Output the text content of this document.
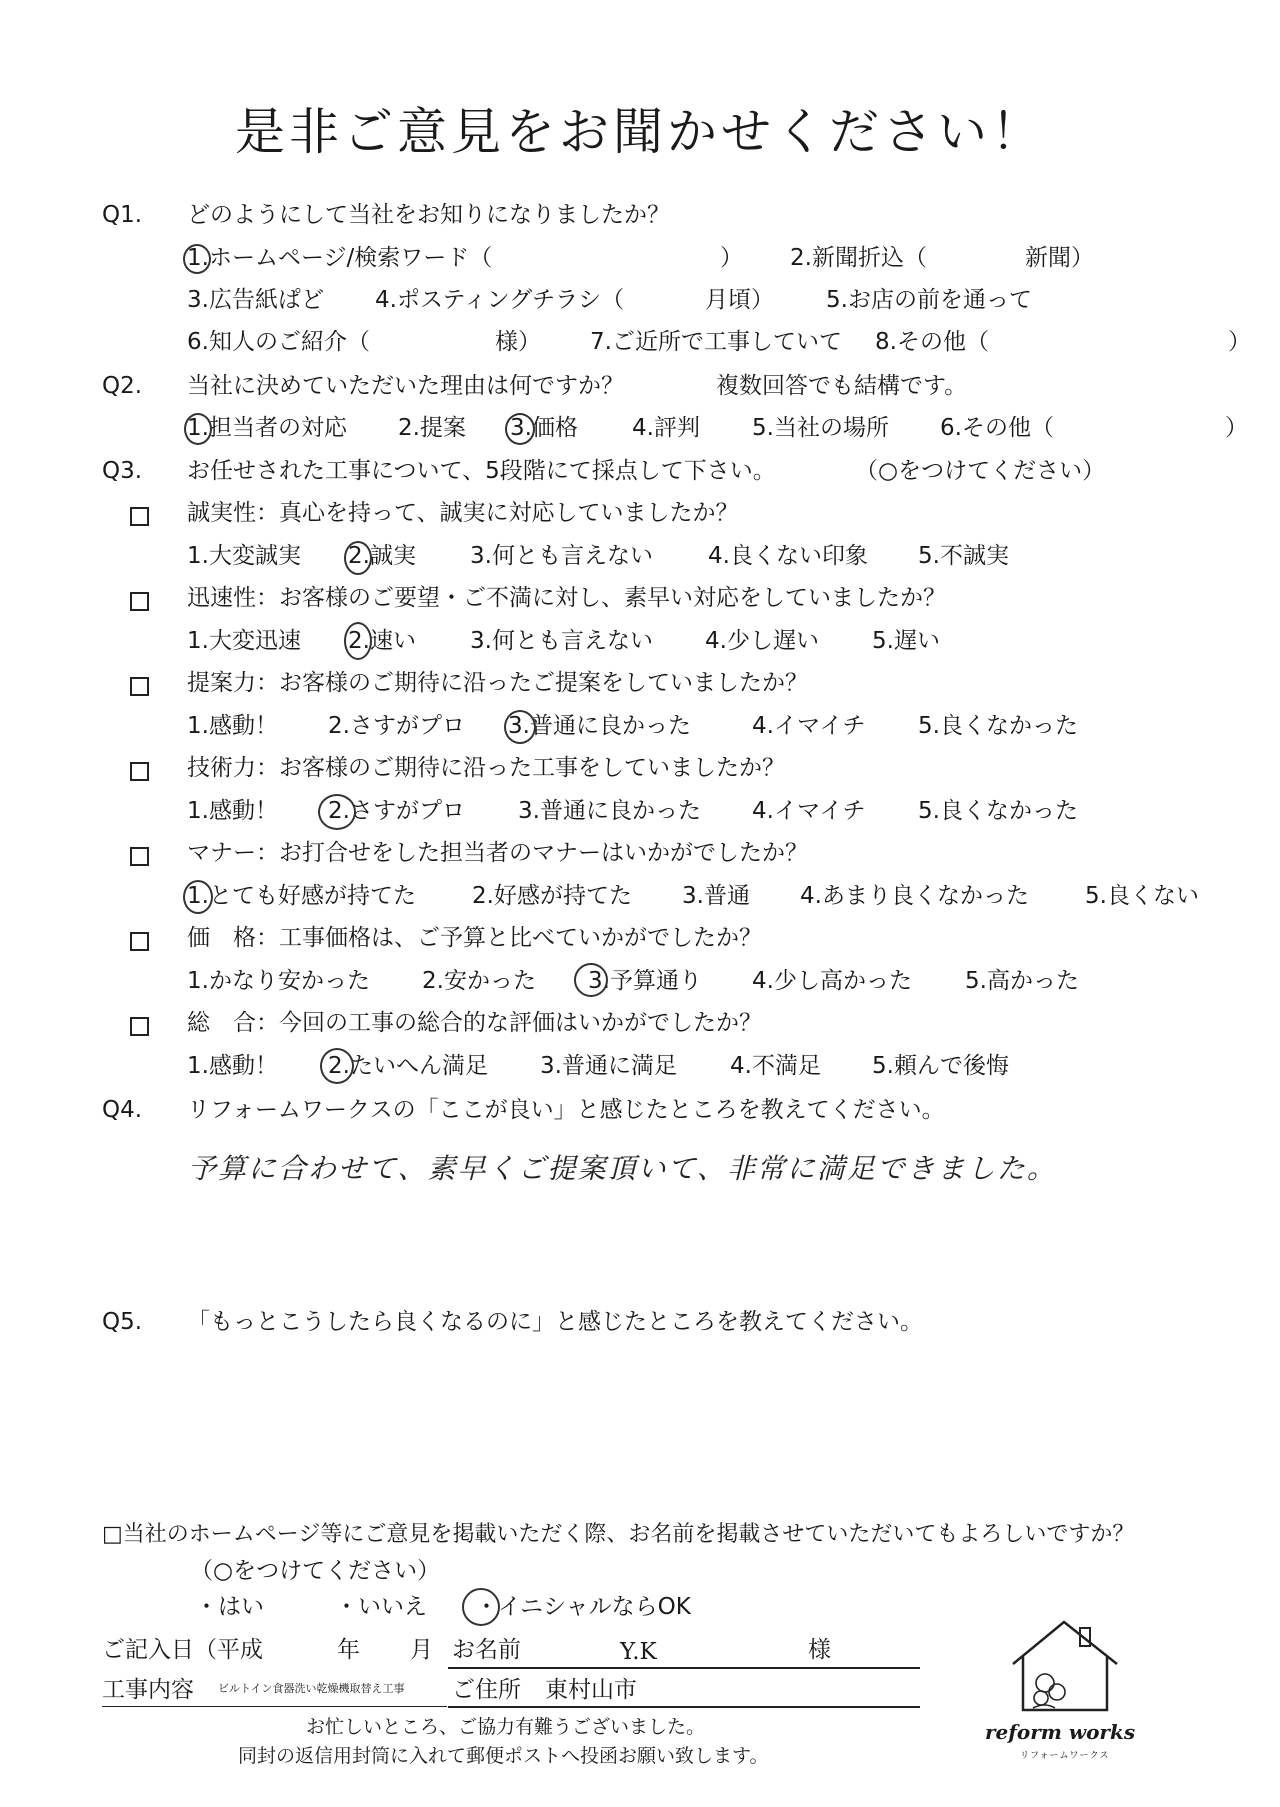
是非ご意見をお聞かせください！
Q1. どのようにして当社をお知りになりましたか？
1.ホームページ/検索ワード（	） 2.新聞折込（	新聞）
3.広告紙ぱど 4.ポスティングチラシ（	月頃） 5.お店の前を通って
6.知人のご紹介（	様） 7.ご近所で工事していて 8.その他（	）
Q2. 当社に決めていただいた理由は何ですか？	複数回答でも結構です。
1.担当者の対応 2.提案 3.価格 4.評判 5.当社の場所 6.その他（	）
Q3. お任せされた工事について、5段階にて採点して下さい。	（○をつけてください）
誠実性：真心を持って、誠実に対応していましたか？
1.大変誠実 2.誠実 3.何とも言えない 4.良くない印象 5.不誠実
迅速性：お客様のご要望・ご不満に対し、素早い対応をしていましたか？
1.大変迅速 2.速い 3.何とも言えない 4.少し遅い 5.遅い
提案力：お客様のご期待に沿ったご提案をしていましたか？
1.感動！ 2.さすがプロ 3.普通に良かった	4.イマイチ 5.良くなかった
技術力：お客様のご期待に沿った工事をしていましたか？
1.感動！ 2.さすがプロ 3.普通に良かった 4.イマイチ 5.良くなかった
マナー：お打合せをした担当者のマナーはいかがでしたか？
1.とても好感が持てた 2.好感が持てた 3.普通 4.あまり良くなかった 5.良くない
価　格：工事価格は、ご予算と比べていかがでしたか？
1.かなり安かった 2.安かった 3.予算通り 4.少し高かった 5.高かった
総　合：今回の工事の総合的な評価はいかがでしたか？
1.感動！ 2.たいへん満足 3.普通に満足 4.不満足 5.頼んで後悔
Q4. リフォームワークスの「ここが良い」と感じたところを教えてください。
予算に合わせて、素早くご提案頂いて、非常に満足できました。
Q5. 「もっとこうしたら良くなるのに」と感じたところを教えてください。
□当社のホームページ等にご意見を掲載いただく際、お名前を掲載させていただいてもよろしいですか？
（○をつけてください）
・はい	・いいえ ・イニシャルならOK
ご記入日（平成	年 月 お名前	Y.K	様
工事内容 ビルトイン食器洗い乾燥機取替え工事 ご住所 東村山市
お忙しいところ、ご協力有難うございました。
同封の返信用封筒に入れて郵便ポストへ投函お願い致します。
reform works
リフォームワークス
